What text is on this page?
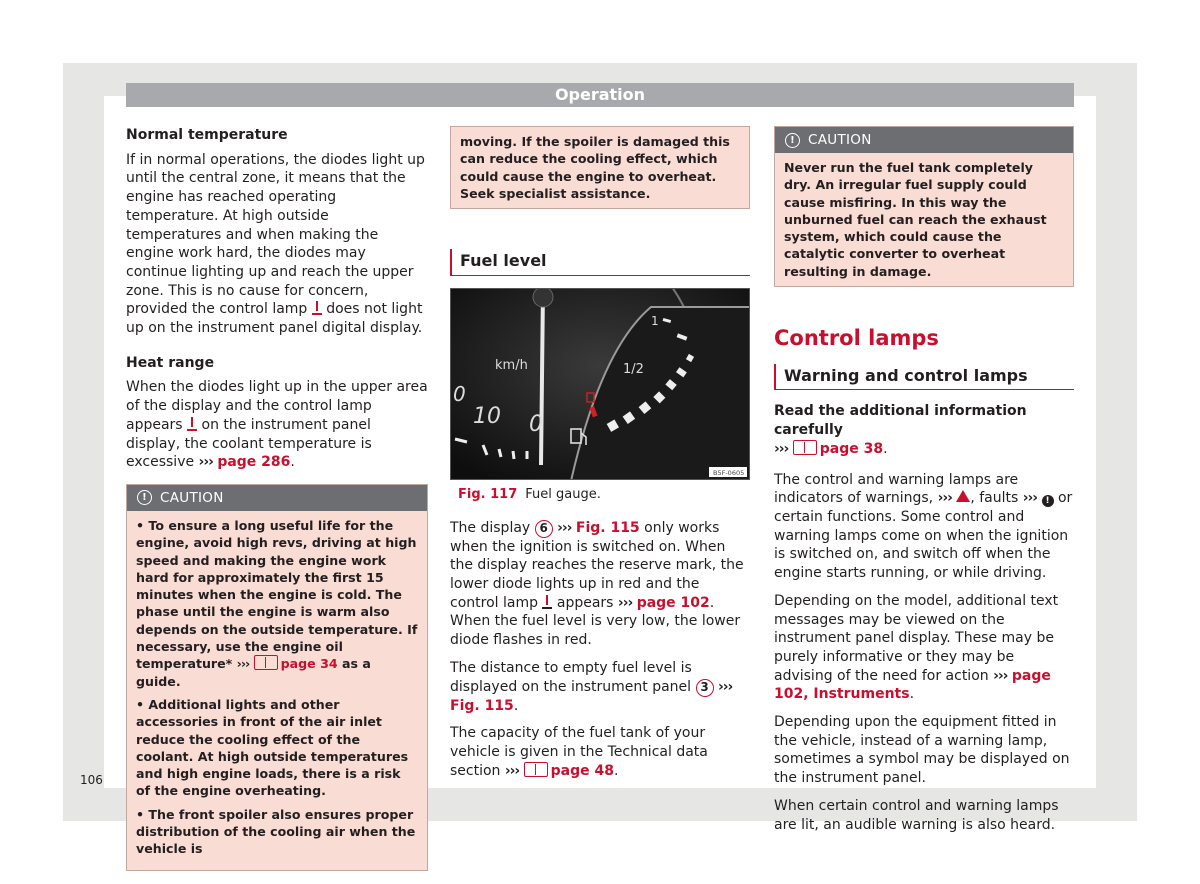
Operation
Normal temperature

If in normal operations, the diodes light up until the central zone, it means that the engine has reached operating temperature. At high outside temperatures and when making the engine work hard, the diodes may continue lighting up and reach the upper zone. This is no cause for concern, provided the control lamp  does not light up on the instrument panel digital display.

Heat range

When the diodes light up in the upper area of the display and the control lamp appears  on the instrument panel display, the coolant temperature is excessive ››› page 286.

! CAUTION
• To ensure a long useful life for the engine, avoid high revs, driving at high speed and making the engine work hard for approximately the first 15 minutes when the engine is cold. The phase until the engine is warm also depends on the outside temperature. If necessary, use the engine oil temperature* ››› page 34 as a guide.
• Additional lights and other accessories in front of the air inlet reduce the cooling effect of the coolant. At high outside temperatures and high engine loads, there is a risk of the engine overheating.
• The front spoiler also ensures proper distribution of the cooling air when the vehicle is
moving. If the spoiler is damaged this can reduce the cooling effect, which could cause the engine to overheat. Seek specialist assistance.
Fuel level
km/h
1
1/2
10
0
0
B5F-0605
Fig. 117 Fuel gauge.

The display 6 ››› Fig. 115 only works when the ignition is switched on. When the display reaches the reserve mark, the lower diode lights up in red and the control lamp  appears ››› page 102. When the fuel level is very low, the lower diode flashes in red.

The distance to empty fuel level is displayed on the instrument panel 3 ››› Fig. 115.

The capacity of the fuel tank of your vehicle is given in the Technical data section ››› page 48.

! CAUTION
Never run the fuel tank completely dry. An irregular fuel supply could cause misfiring. In this way the unburned fuel can reach the exhaust system, which could cause the catalytic converter to overheat resulting in damage.
Control lamps
Warning and control lamps

Read the additional information carefully
››› page 38.

The control and warning lamps are indicators of warnings, ››› , faults ››› ! or certain functions. Some control and warning lamps come on when the ignition is switched on, and switch off when the engine starts running, or while driving.

Depending on the model, additional text messages may be viewed on the instrument panel display. These may be purely informative or they may be advising of the need for action ››› page 102, Instruments.

Depending upon the equipment fitted in the vehicle, instead of a warning lamp, sometimes a symbol may be displayed on the instrument panel.

When certain control and warning lamps are lit, an audible warning is also heard.

106
